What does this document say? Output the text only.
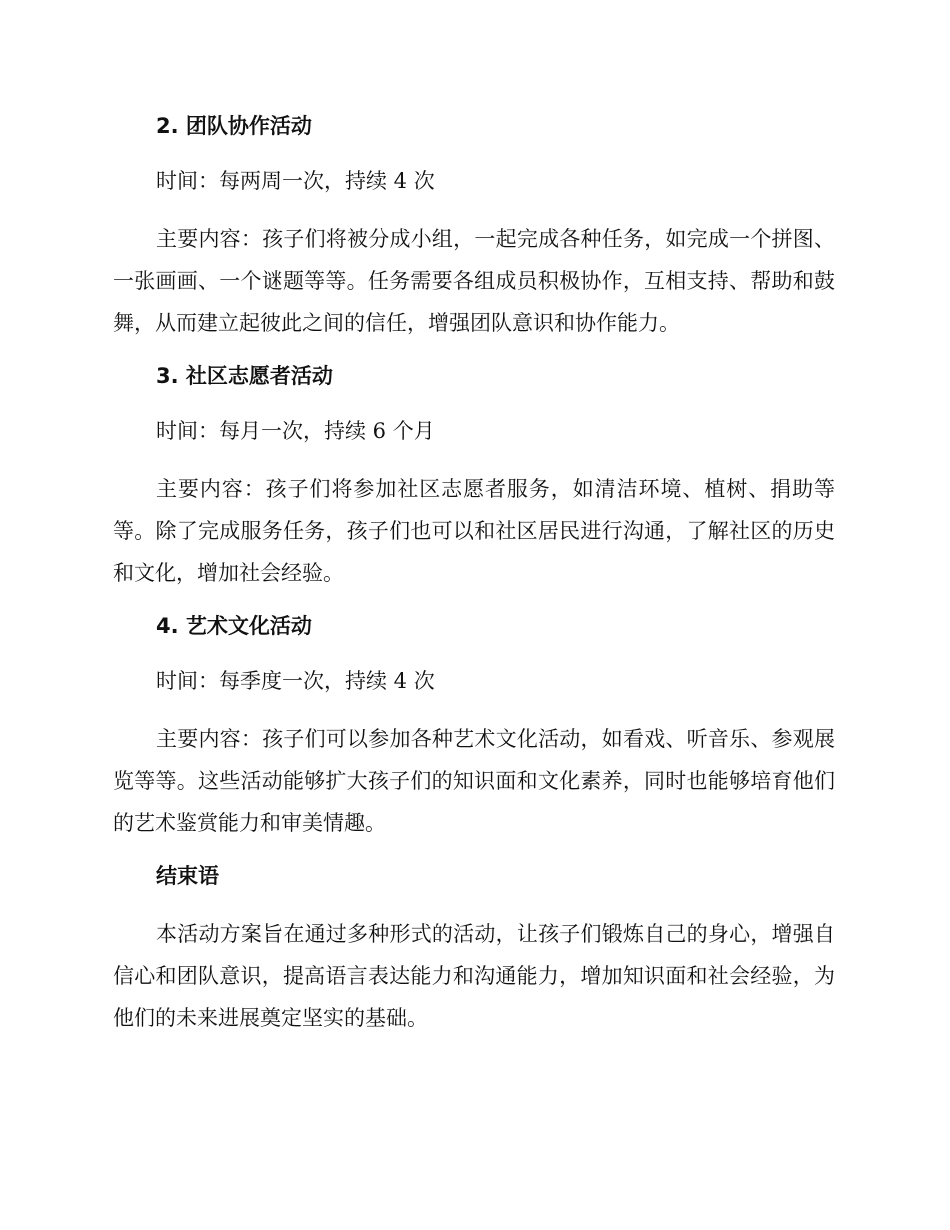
2. 团队协作活动

时间：每两周一次，持续 4 次

主要内容：孩子们将被分成小组，一起完成各种任务，如完成一个拼图、一张画画、一个谜题等等。任务需要各组成员积极协作，互相支持、帮助和鼓舞，从而建立起彼此之间的信任，增强团队意识和协作能力。

3. 社区志愿者活动

时间：每月一次，持续 6 个月

主要内容：孩子们将参加社区志愿者服务，如清洁环境、植树、捐助等等。除了完成服务任务，孩子们也可以和社区居民进行沟通，了解社区的历史和文化，增加社会经验。

4. 艺术文化活动

时间：每季度一次，持续 4 次

主要内容：孩子们可以参加各种艺术文化活动，如看戏、听音乐、参观展览等等。这些活动能够扩大孩子们的知识面和文化素养，同时也能够培育他们的艺术鉴赏能力和审美情趣。

结束语

本活动方案旨在通过多种形式的活动，让孩子们锻炼自己的身心，增强自信心和团队意识，提高语言表达能力和沟通能力，增加知识面和社会经验，为他们的未来进展奠定坚实的基础。
